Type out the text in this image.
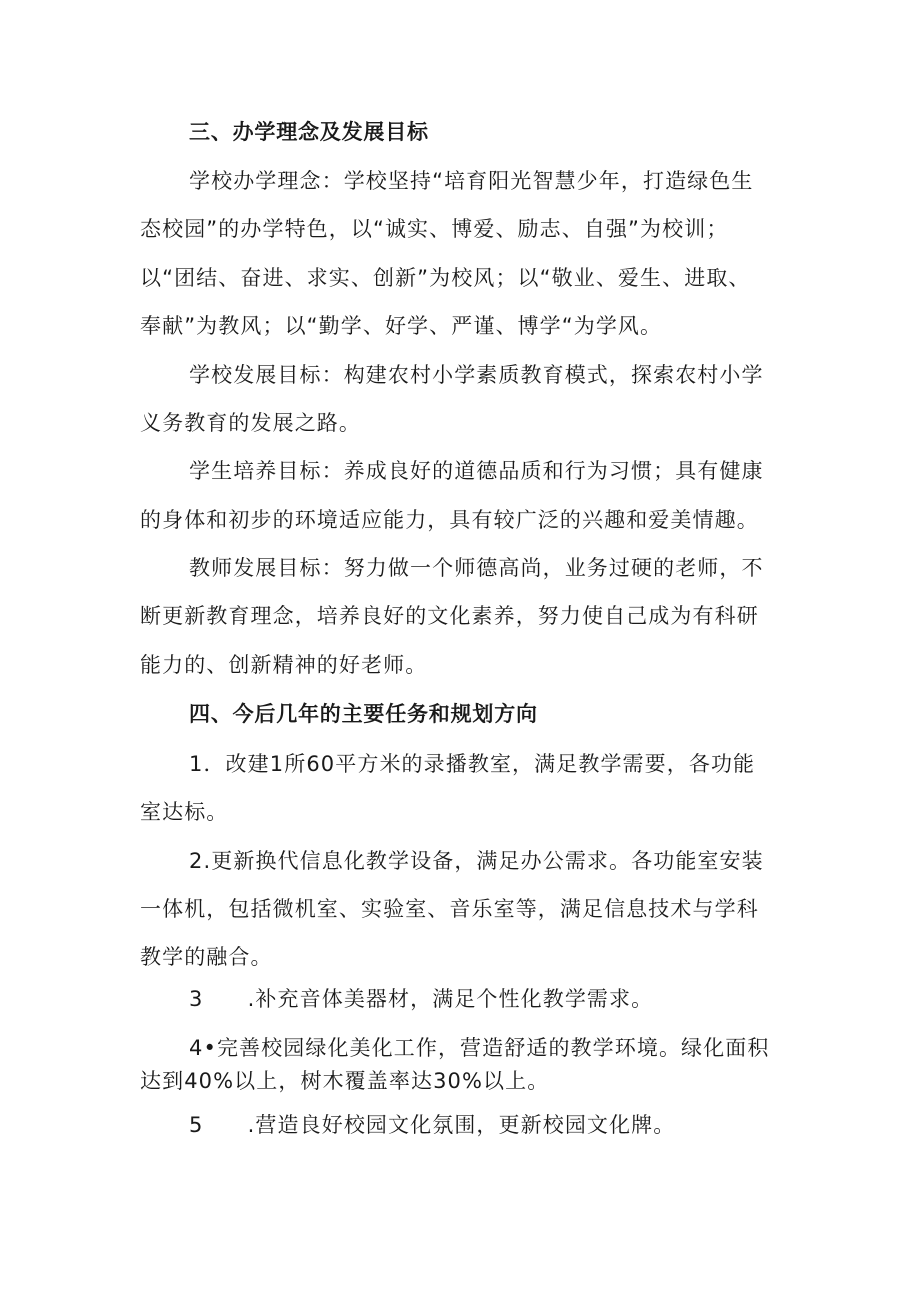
三、办学理念及发展目标
学校办学理念：学校坚持“培育阳光智慧少年，打造绿色生
态校园”的办学特色，以“诚实、博爱、励志、自强”为校训；
以“团结、奋进、求实、创新”为校风；以“敬业、爱生、进取、
奉献”为教风；以“勤学、好学、严谨、博学“为学风。
学校发展目标：构建农村小学素质教育模式，探索农村小学
义务教育的发展之路。
学生培养目标：养成良好的道德品质和行为习惯；具有健康
的身体和初步的环境适应能力，具有较广泛的兴趣和爱美情趣。
教师发展目标：努力做一个师德高尚，业务过硬的老师，不
断更新教育理念，培养良好的文化素养，努力使自己成为有科研
能力的、创新精神的好老师。
四、今后几年的主要任务和规划方向
1．改建1所60平方米的录播教室，满足教学需要，各功能
室达标。
2.更新换代信息化教学设备，满足办公需求。各功能室安装
一体机，包括微机室、实验室、音乐室等，满足信息技术与学科
教学的融合。
3　　.补充音体美器材，满足个性化教学需求。
4•完善校园绿化美化工作，营造舒适的教学环境。绿化面积
达到40%以上，树木覆盖率达30%以上。
5　　.营造良好校园文化氛围，更新校园文化牌。
